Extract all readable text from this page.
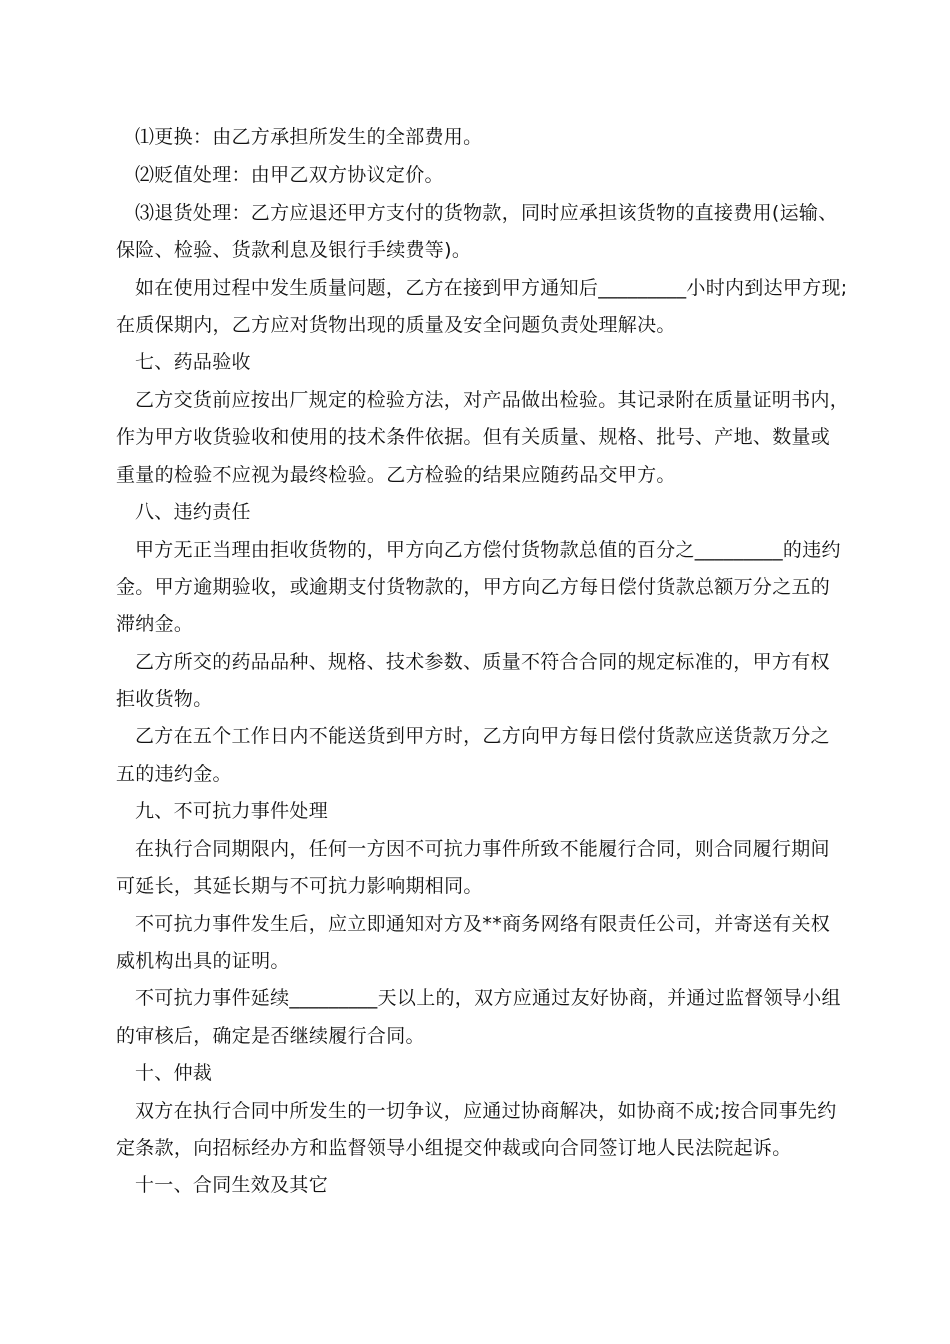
⑴更换：由乙方承担所发生的全部费用。
⑵贬值处理：由甲乙双方协议定价。
⑶退货处理：乙方应退还甲方支付的货物款，同时应承担该货物的直接费用(运输、
保险、检验、货款利息及银行手续费等)。
如在使用过程中发生质量问题，乙方在接到甲方通知后_________小时内到达甲方现;
在质保期内，乙方应对货物出现的质量及安全问题负责处理解决。
七、药品验收
乙方交货前应按出厂规定的检验方法，对产品做出检验。其记录附在质量证明书内，
作为甲方收货验收和使用的技术条件依据。但有关质量、规格、批号、产地、数量或
重量的检验不应视为最终检验。乙方检验的结果应随药品交甲方。
八、违约责任
甲方无正当理由拒收货物的，甲方向乙方偿付货物款总值的百分之_________的违约
金。甲方逾期验收，或逾期支付货物款的，甲方向乙方每日偿付货款总额万分之五的
滞纳金。
乙方所交的药品品种、规格、技术参数、质量不符合合同的规定标准的，甲方有权
拒收货物。
乙方在五个工作日内不能送货到甲方时，乙方向甲方每日偿付货款应送货款万分之
五的违约金。
九、不可抗力事件处理
在执行合同期限内，任何一方因不可抗力事件所致不能履行合同，则合同履行期间
可延长，其延长期与不可抗力影响期相同。
不可抗力事件发生后，应立即通知对方及**商务网络有限责任公司，并寄送有关权
威机构出具的证明。
不可抗力事件延续_________天以上的，双方应通过友好协商，并通过监督领导小组
的审核后，确定是否继续履行合同。
十、仲裁
双方在执行合同中所发生的一切争议，应通过协商解决，如协商不成;按合同事先约
定条款，向招标经办方和监督领导小组提交仲裁或向合同签订地人民法院起诉。
十一、合同生效及其它
